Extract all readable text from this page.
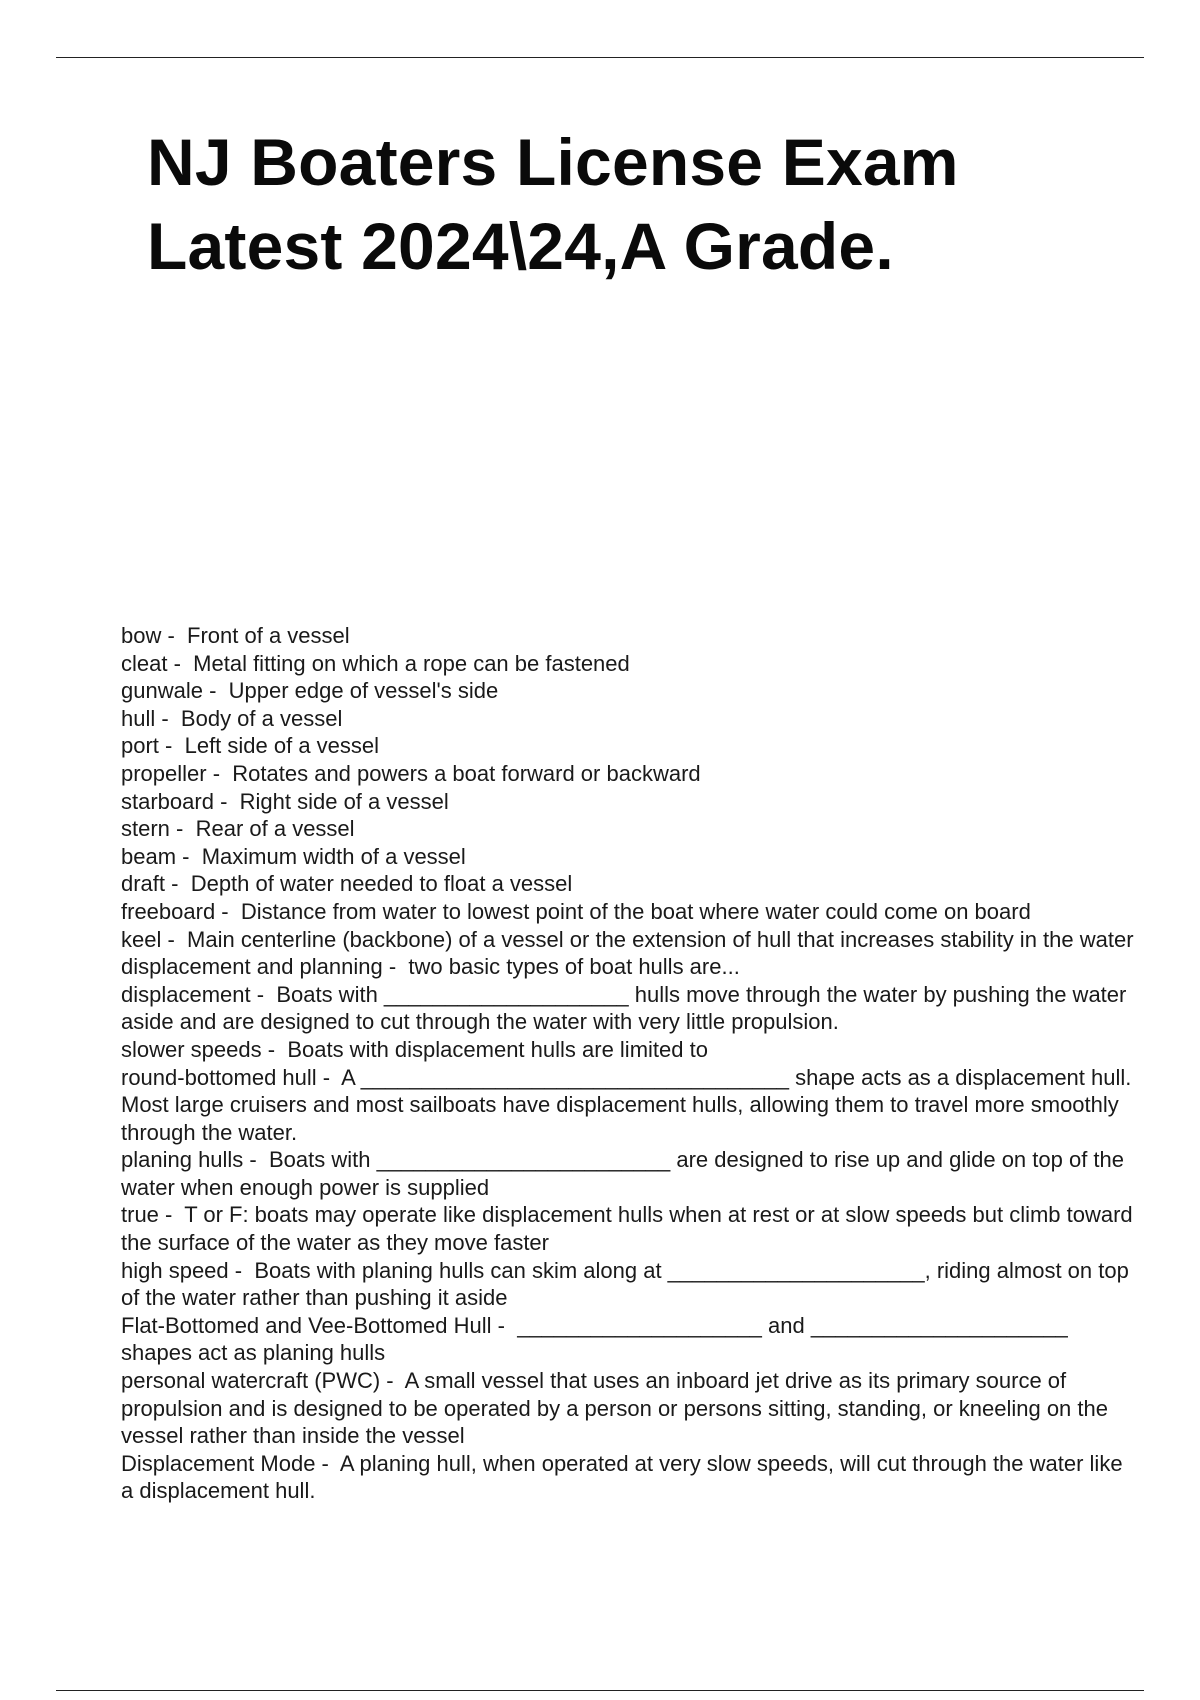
NJ Boaters License Exam
Latest 2024\24,A Grade.

bow -  Front of a vessel

cleat -  Metal fitting on which a rope can be fastened

gunwale -  Upper edge of vessel's side

hull -  Body of a vessel

port -  Left side of a vessel

propeller -  Rotates and powers a boat forward or backward

starboard -  Right side of a vessel

stern -  Rear of a vessel

beam -  Maximum width of a vessel

draft -  Depth of water needed to float a vessel

freeboard -  Distance from water to lowest point of the boat where water could come on board

keel -  Main centerline (backbone) of a vessel or the extension of hull that increases stability in the water

displacement and planning -  two basic types of boat hulls are...

displacement -  Boats with ____________________ hulls move through the water by pushing the water aside and are designed to cut through the water with very little propulsion.

slower speeds -  Boats with displacement hulls are limited to

round-bottomed hull -  A ___________________________________ shape acts as a displacement hull. Most large cruisers and most sailboats have displacement hulls, allowing them to travel more smoothly through the water.

planing hulls -  Boats with ________________________ are designed to rise up and glide on top of the water when enough power is supplied

true -  T or F: boats may operate like displacement hulls when at rest or at slow speeds but climb toward the surface of the water as they move faster

high speed -  Boats with planing hulls can skim along at _____________________, riding almost on top of the water rather than pushing it aside

Flat-Bottomed and Vee-Bottomed Hull -  ____________________ and _____________________ shapes act as planing hulls

personal watercraft (PWC) -  A small vessel that uses an inboard jet drive as its primary source of propulsion and is designed to be operated by a person or persons sitting, standing, or kneeling on the vessel rather than inside the vessel

Displacement Mode -  A planing hull, when operated at very slow speeds, will cut through the water like a displacement hull.
